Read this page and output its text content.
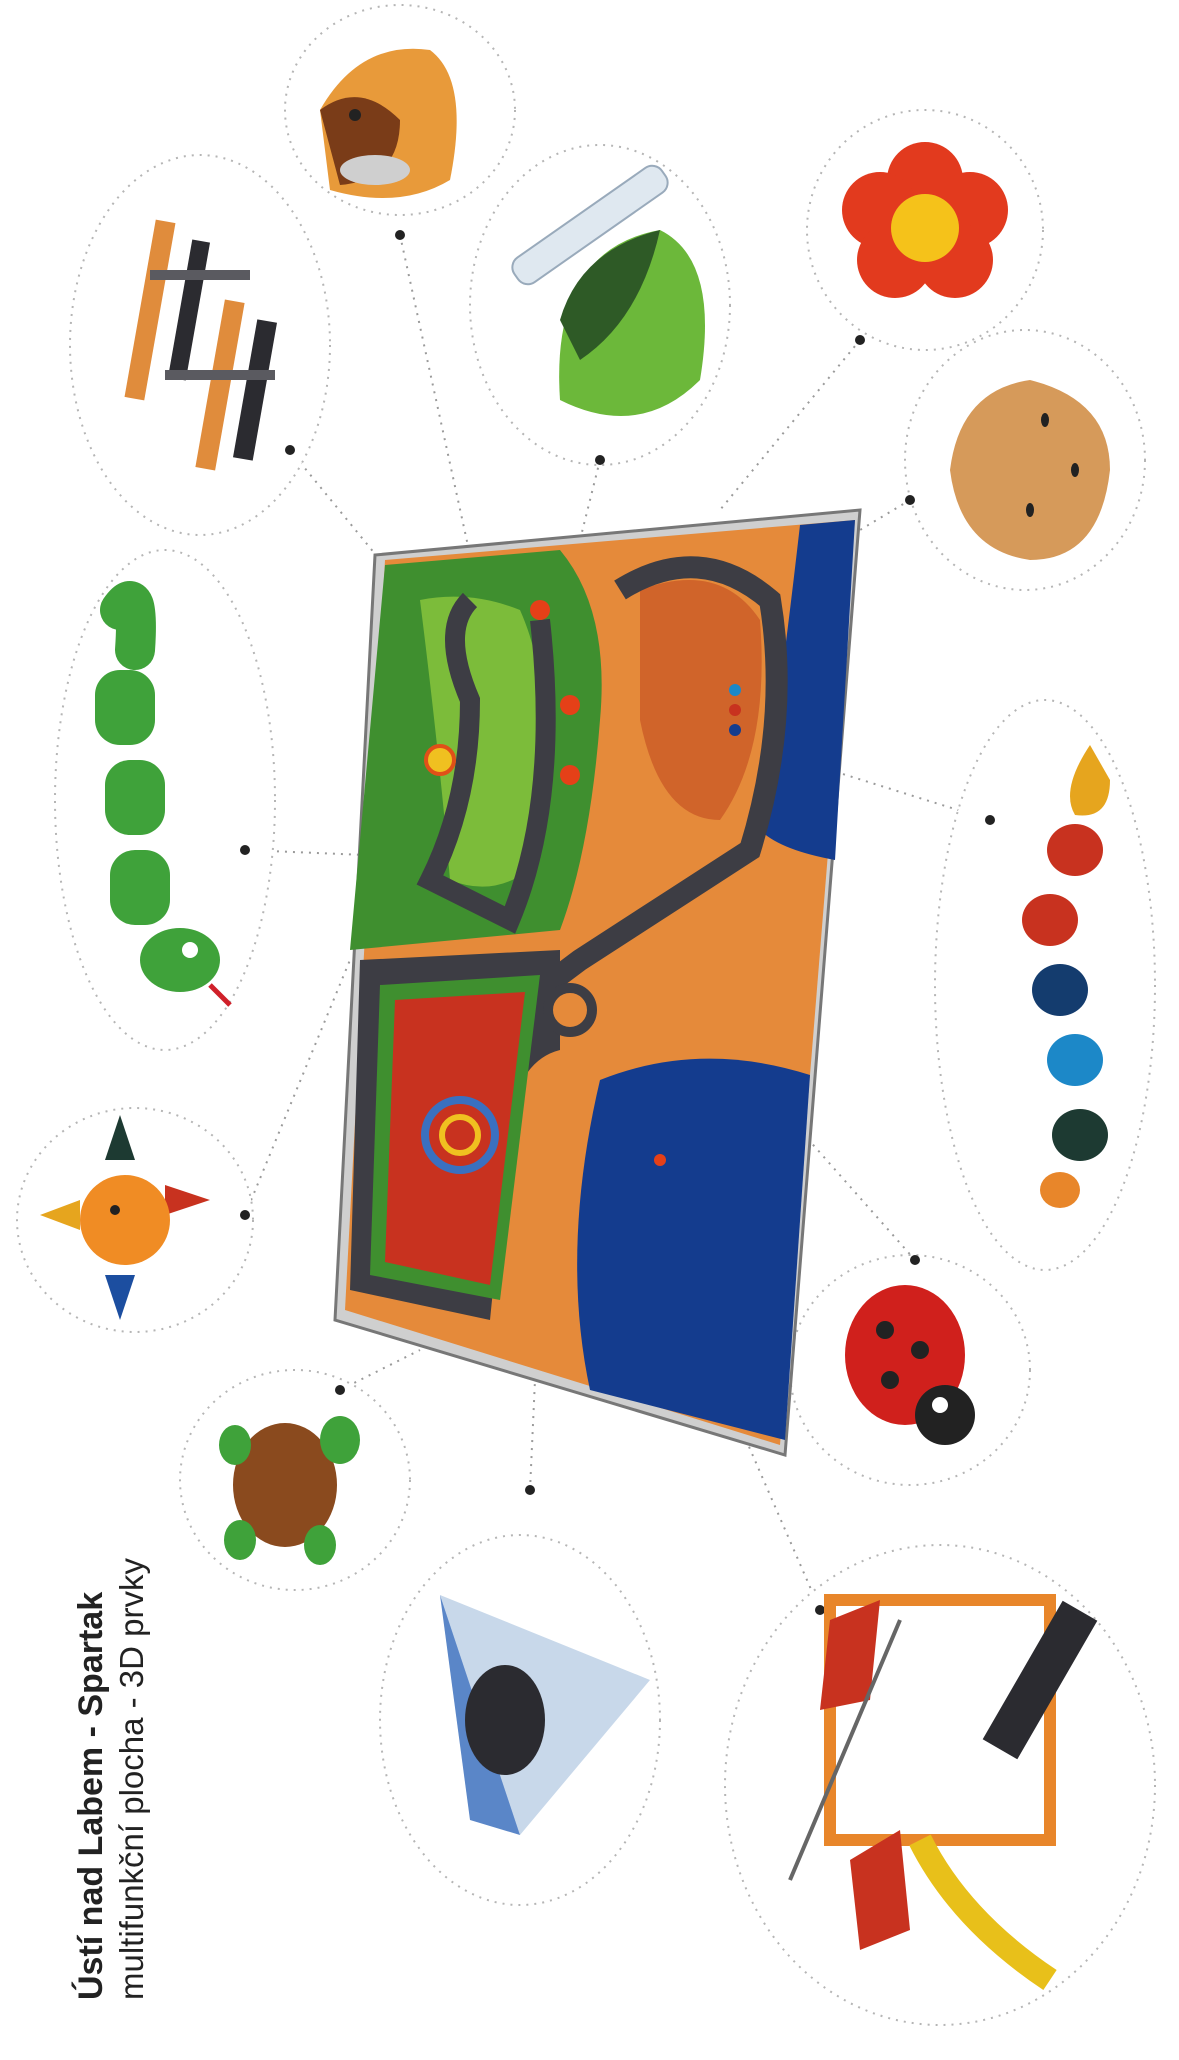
Ústí nad Labem - Spartak multifunkční plocha - 3D prvky
